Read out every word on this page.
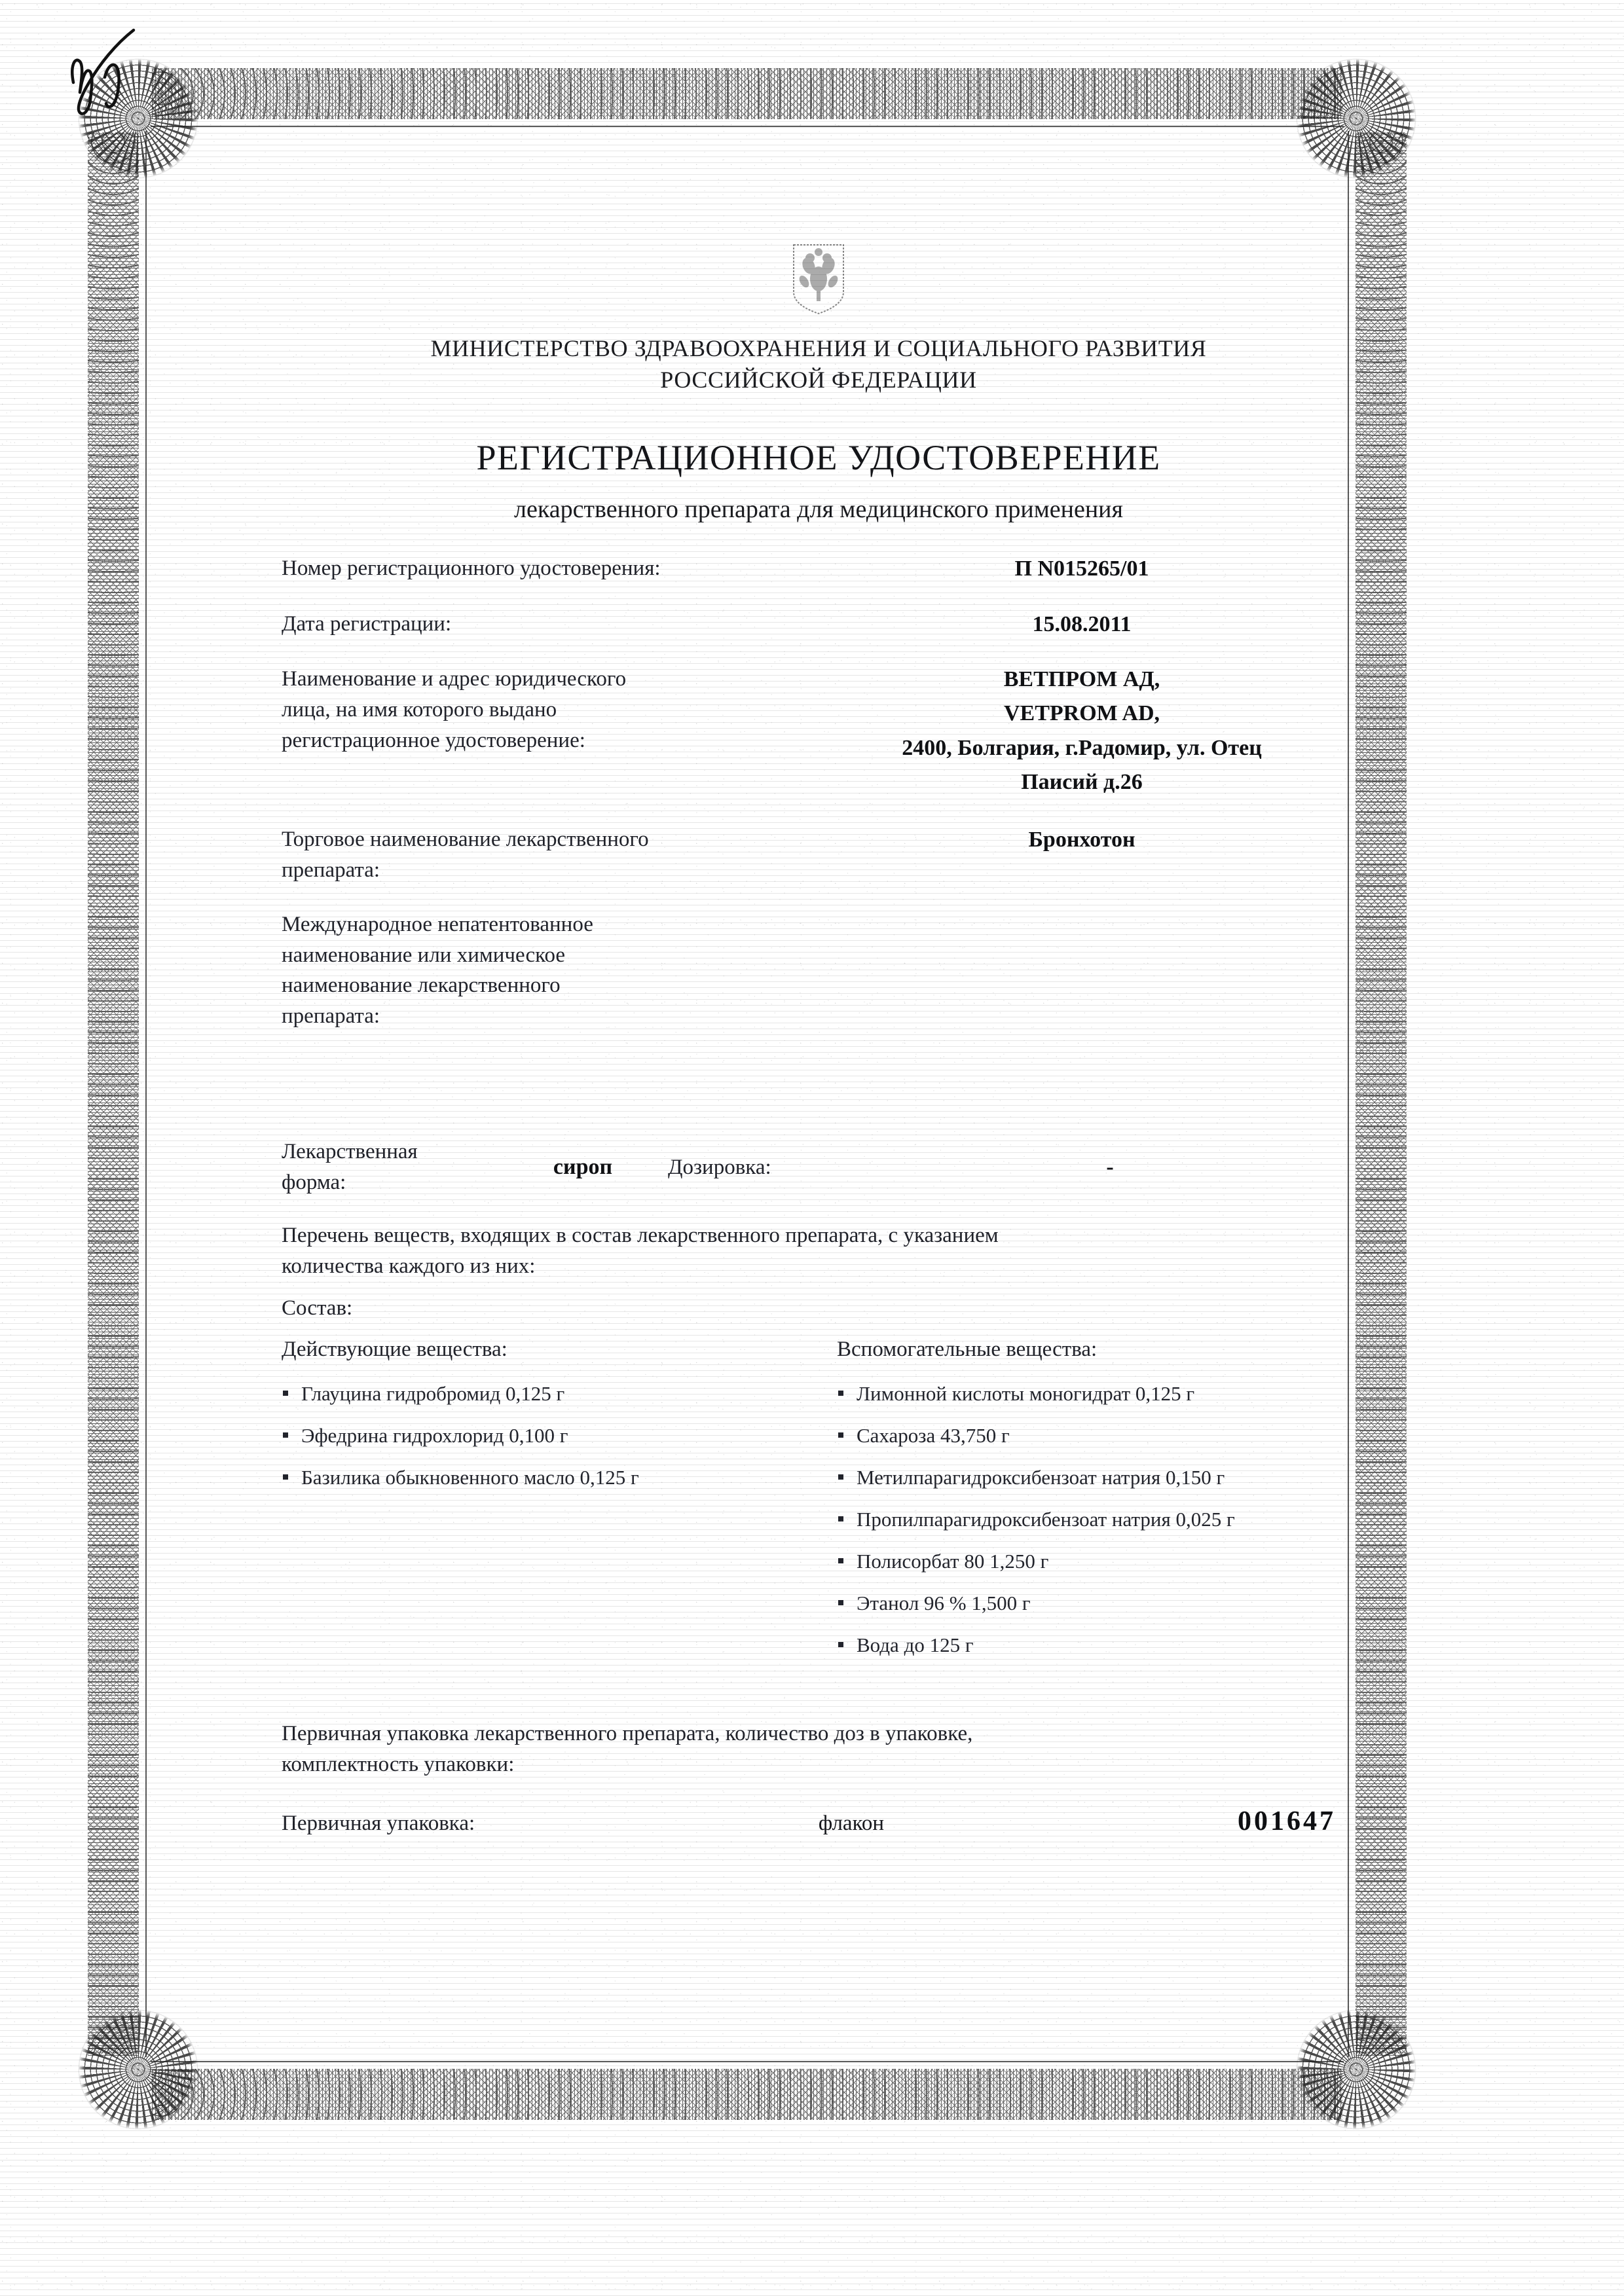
МИНИСТЕРСТВО ЗДРАВООХРАНЕНИЯ И СОЦИАЛЬНОГО РАЗВИТИЯ
РОССИЙСКОЙ ФЕДЕРАЦИИ
РЕГИСТРАЦИОННОЕ УДОСТОВЕРЕНИЕ
лекарственного препарата для медицинского применения
Номер регистрационного удостоверения:	П N015265/01
Дата регистрации:	15.08.2011
Наименование и адрес юридического
лица, на имя которого выдано
регистрационное удостоверение:
ВЕТПРОМ АД,
VETPROM AD,
2400, Болгария, г.Радомир, ул. Отец
Паисий д.26
Торговое наименование лекарственного
препарата:
Бронхотон
Международное непатентованное
наименование или химическое
наименование лекарственного
препарата:
Лекарственная
форма:
сироп	Дозировка:	-
Перечень веществ, входящих в состав лекарственного препарата, с указанием
количества каждого из них:
Состав:
Действующие вещества:
Глауцина гидробромид 0,125 г
Эфедрина гидрохлорид 0,100 г
Базилика обыкновенного масло 0,125 г
Вспомогательные вещества:
Лимонной кислоты моногидрат 0,125 г
Сахароза 43,750 г
Метилпарагидроксибензоат натрия 0,150 г
Пропилпарагидроксибензоат натрия 0,025 г
Полисорбат 80 1,250 г
Этанол 96 % 1,500 г
Вода до 125 г
Первичная упаковка лекарственного препарата, количество доз в упаковке,
комплектность упаковки:
Первичная упаковка:	флакон	001647
